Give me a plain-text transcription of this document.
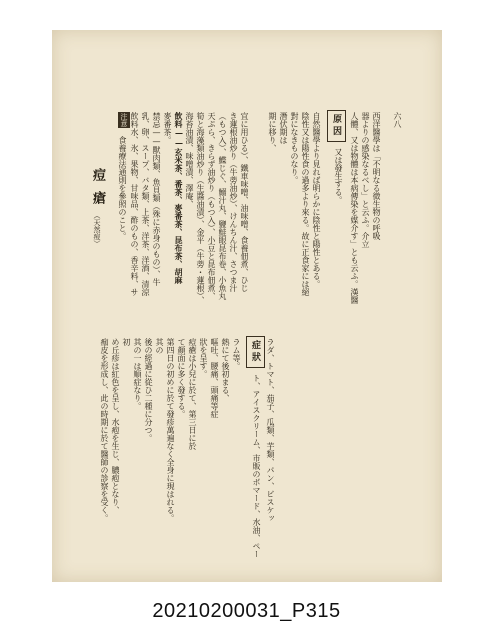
六八
西洋醫學は「不明なる微生物の呼吸
器よりの感染なるべし」と云ふ。介立
人體、又は物體は本病傳染を媒介す」とも云ふ。漢醫
原因
又は發生する。
自然醫學より見れば明らかに陰性と陽性とある。
陰性又は陽性食の過多より來る。故に正食家には絕
對になきものなり。
潛伏期は
期に移り、
宜に用ひる）、鐵車味噌、油味噌、食養佃煮、ひじ
き蓮根油炒り（牛蒡油炒）、けんちん汁、さつま汁
（もつ入）、鰈じぐ、鰯汁丸、鹽鮭眼昆布卷、小魚丸
天ぷら、きらず油炒り（もつ入）、小豆と昆布佃煮、
筍と海藻類油炒り（生醬油漬）、金平（牛蒡・蓮根）、
海苔油漬、味噌漬、澤庵、
飲料——玄米茶、番茶、麥番茶、昆布茶、胡麻
麥番茶。
禁忌——獸肉類、魚貝類（殊に赤身のもの）、牛
乳、卵、スープ、バタ類、上茶、洋茶、洋酒、清涼
飲料水、氷、果物、甘味品、酢のもの、香辛料、サ
注意
食養療法通則を參照のこと。
痘瘡
（天然痘）
ラダ、トマト、茄子、瓜類、芋類、パン、ビスケッ
症狀
ト、アイスクリーム、市販のボマード、水油、ペー
ラム等。
熱にて後初まる、
嘔吐、腰痛、頭痛等症
狀を呈す。
痘瘡は小兒に於て、第三日に於
て顏面に多く發する。
第四日の初めに於て發疹萬遍なく全身に現はれる。
其の
後の經過に從ひ二種に分つ。
其の一は順症なり。
初
め丘疹は紅色を呈し、水疱を生じ、膿疱となり、
痂皮を形成し、此の時期に於て醫師の診察を受く。
20210200031_P315
